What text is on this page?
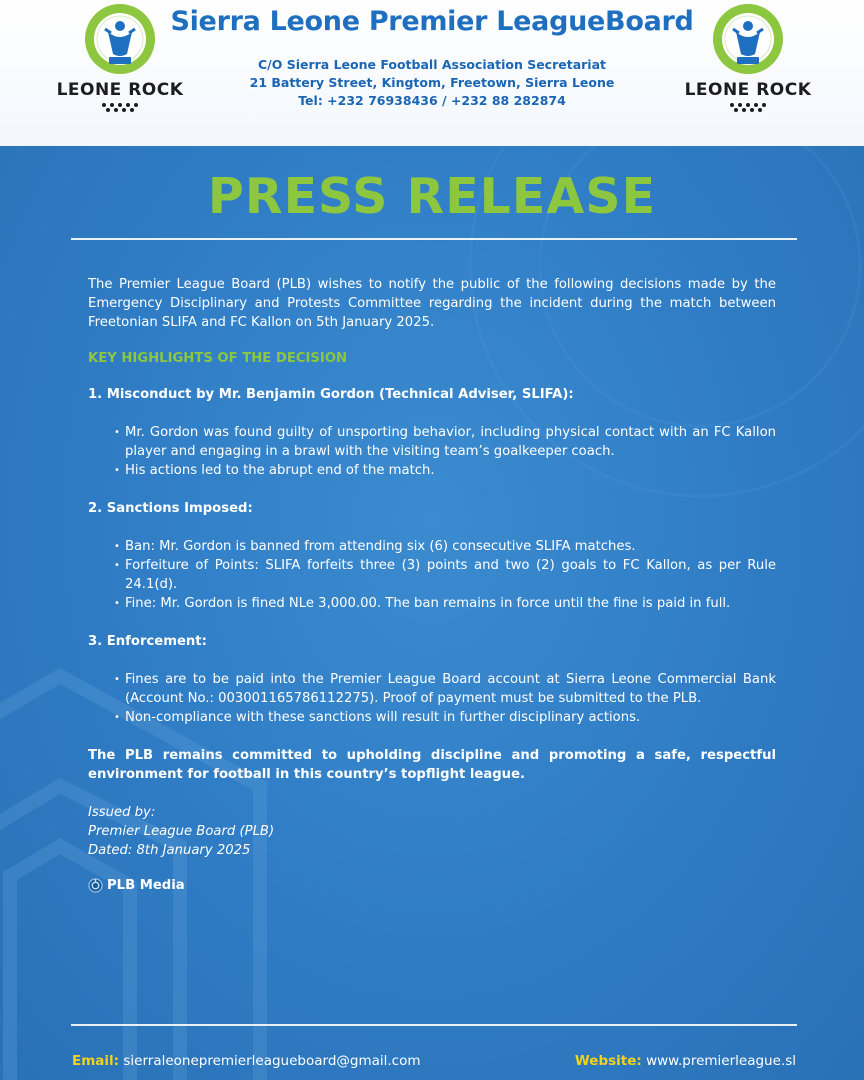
LEONE ROCK
Sierra Leone Premier LeagueBoard
C/O Sierra Leone Football Association Secretariat
21 Battery Street, Kingtom, Freetown, Sierra Leone
Tel: +232 76938436 / +232 88 282874
LEONE ROCK
PRESS RELEASE

The Premier League Board (PLB) wishes to notify the public of the following decisions made by the Emergency Disciplinary and Protests Committee regarding the incident during the match between Freetonian SLIFA and FC Kallon on 5th January 2025.

KEY HIGHLIGHTS OF THE DECISION
1. Misconduct by Mr. Benjamin Gordon (Technical Adviser, SLIFA):
• Mr. Gordon was found guilty of unsporting behavior, including physical contact with an FC Kallon player and engaging in a brawl with the visiting team’s goalkeeper coach.
• His actions led to the abrupt end of the match.
2. Sanctions Imposed:
• Ban: Mr. Gordon is banned from attending six (6) consecutive SLIFA matches.
• Forfeiture of Points: SLIFA forfeits three (3) points and two (2) goals to FC Kallon, as per Rule 24.1(d).
• Fine: Mr. Gordon is fined NLe 3,000.00. The ban remains in force until the fine is paid in full.
3. Enforcement:
• Fines are to be paid into the Premier League Board account at Sierra Leone Commercial Bank (Account No.: 003001165786112275). Proof of payment must be submitted to the PLB.
• Non-compliance with these sanctions will result in further disciplinary actions.

The PLB remains committed to upholding discipline and promoting a safe, respectful environment for football in this country’s topflight league.

Issued by:

Premier League Board (PLB)

Dated: 8th January 2025

PLB Media
Email: sierraleonepremierleagueboard@gmail.com	Website: www.premierleague.sl
